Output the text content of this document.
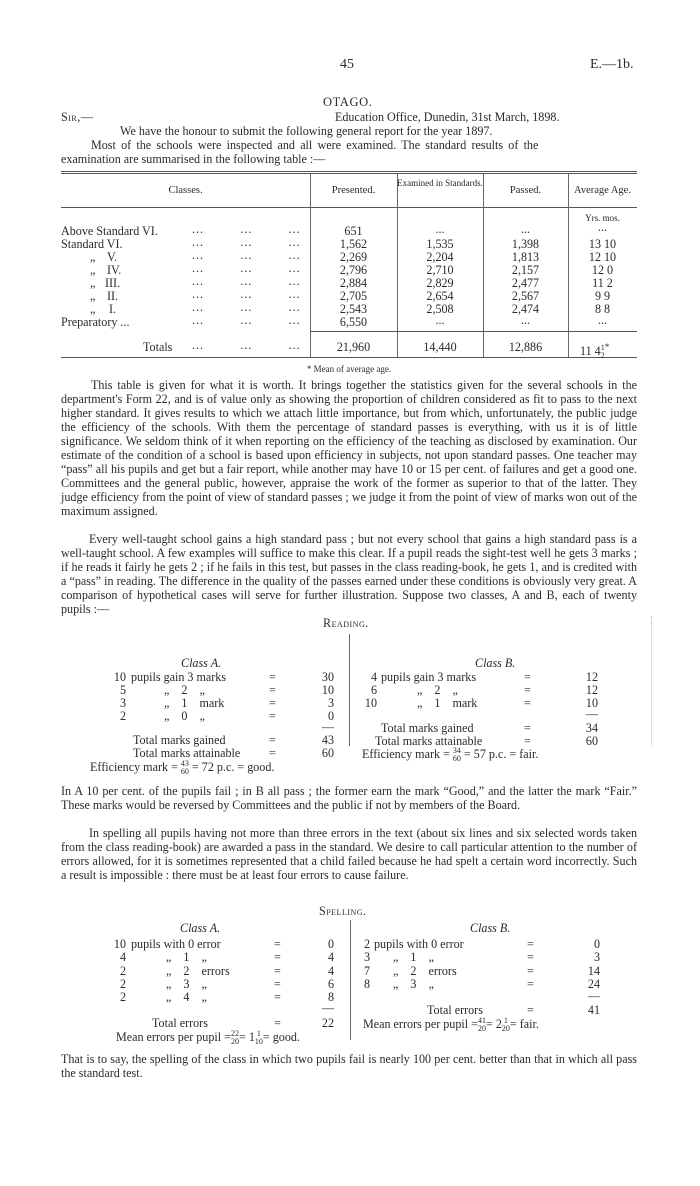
45	E.—1b.
OTAGO.
Sir,—	Education Office, Dunedin, 31st March, 1898.
We have the honour to submit the following general report for the year 1897.
Most of the schools were inspected and all were examined. The standard results of the
examination are summarised in the following table :—
Classes.	Presented.
Examined in Standards.
Passed.	Average Age.
Yrs. mos.
Above Standard VI.	...	...	...	651	...	...	...
Standard VI.	...	...	...	1,562	1,535	1,398	13 10
„ V.	...	...	...	2,269	2,204	1,813	12 10
„ IV.	...	...	...	2,796	2,710	2,157	12 0
„ III.	...	...	...	2,884	2,829	2,477	11 2
„ II.	...	...	...	2,705	2,654	2,567	9 9
„ I.	...	...	...	2,543	2,508	2,474	8 8
Preparatory ...	...	...	...	6,550	...	...	...
Totals ...	...	...	21,960	14,440	12,886	11 4 1
2
*
* Mean of average age.
This table is given for what it is worth. It brings together the statistics given for the several schools in the department's Form 22, and is of value only as showing the proportion of children considered as fit to pass to the next higher standard. It gives results to which we attach little importance, but from which, unfortunately, the public judge the efficiency of the schools. With them the percentage of standard passes is everything, with us it is of little significance. We seldom think of it when reporting on the efficiency of the teaching as disclosed by examination. Our estimate of the condition of a school is based upon efficiency in subjects, not upon standard passes. One teacher may “pass” all his pupils and get but a fair report, while another may have 10 or 15 per cent. of failures and get a good one. Committees and the general public, however, appraise the work of the former as superior to that of the latter. They judge efficiency from the point of view of standard passes ; we judge it from the point of view of marks won out of the maximum assigned.
Every well-taught school gains a high standard pass ; but not every school that gains a high standard pass is a well-taught school. A few examples will suffice to make this clear. If a pupil reads the sight-test well he gets 3 marks ; if he reads it fairly he gets 2 ; if he fails in this test, but passes in the class reading-book, he gets 1, and is credited with a “pass” in reading. The difference in the quality of the passes earned under these conditions is obviously very great. A comparison of hypothetical cases will serve for further illustration. Suppose two classes, A and B, each of twenty pupils :—
Reading.
Class A.	Class B.
10 pupils gain 3 marks	=	30
5	„ 2 „	=	10
3	„ 1 mark	=	3
2	„ 0 „	=	0
—
Total marks gained	=	43
Total marks attainable =	60
Efficiency mark = 43
60 = 72 p.c. = good.
4 pupils gain 3 marks	=	12
6	„ 2 „	=	12
10	„ 1 mark	=	10
—
Total marks gained	=	34
Total marks attainable	=	60
Efficiency mark = 34
60 = 57 p.c. = fair.
In A 10 per cent. of the pupils fail ; in B all pass ; the former earn the mark “Good,” and the latter the mark “Fair.” These marks would be reversed by Committees and the public if not by members of the Board.
In spelling all pupils having not more than three errors in the text (about six lines and six selected words taken from the class reading-book) are awarded a pass in the standard. We desire to call particular attention to the number of errors allowed, for it is sometimes represented that a child failed because he had spelt a certain word incorrectly. Such a result is impossible : there must be at least four errors to cause failure.
Spelling.
Class A.	Class B.
10 pupils with 0 error	=	0
4	„ 1 „	=	4
2	„ 2 errors	=	4
2	„ 3 „	=	6
2	„ 4 „	=	8
—
Total errors	=	22
Mean errors per pupil = 22
20 = 1 1
10 = good.
2 pupils with 0 error	=	0
3 „ 1 „	=	3
7 „ 2 errors	=	14
8 „ 3 „	=	24
—
Total errors	=	41
Mean errors per pupil = 41
20 = 2 1
20 = fair.
That is to say, the spelling of the class in which two pupils fail is nearly 100 per cent. better than that in which all pass the standard test.
